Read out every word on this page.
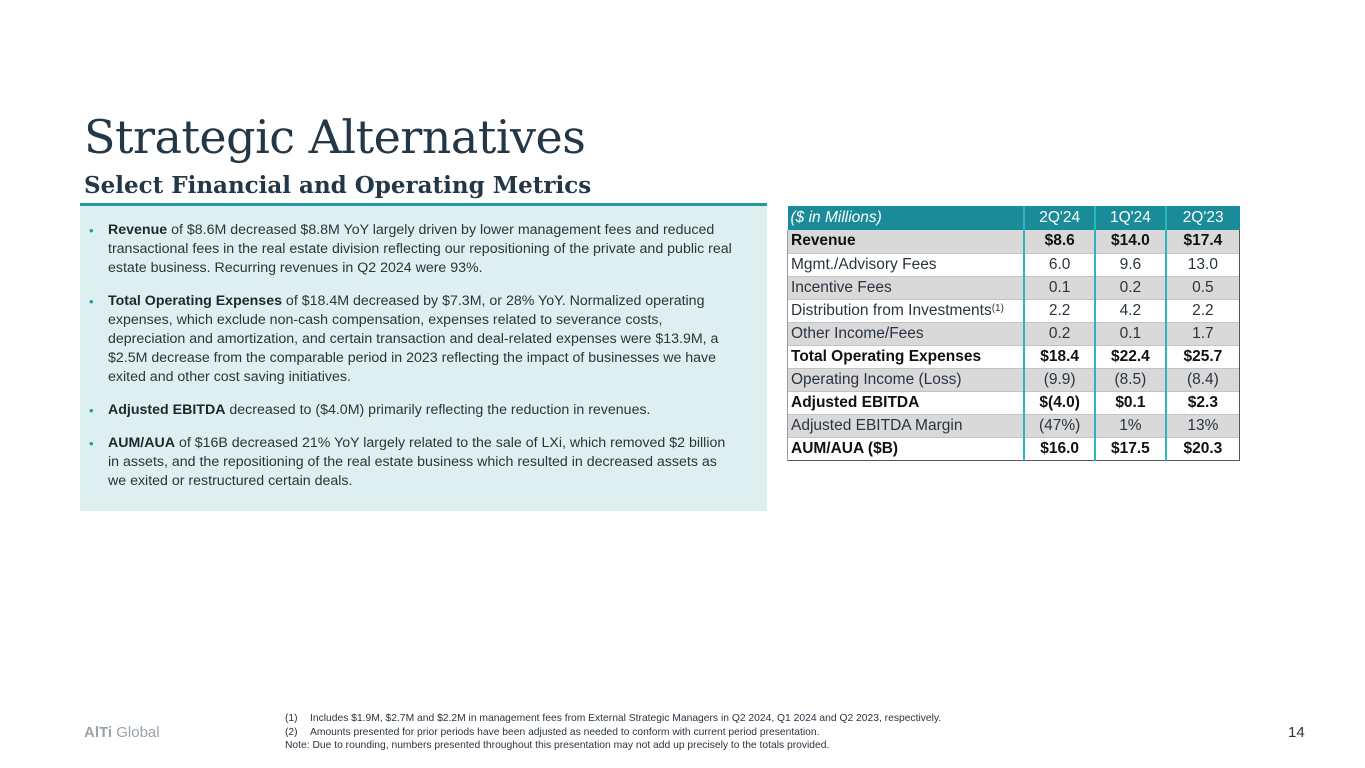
Strategic Alternatives
Select Financial and Operating Metrics
• Revenue of $8.6M decreased $8.8M YoY largely driven by lower management fees and reduced transactional fees in the real estate division reflecting our repositioning of the private and public real estate business. Recurring revenues in Q2 2024 were 93%.
• Total Operating Expenses of $18.4M decreased by $7.3M, or 28% YoY. Normalized operating expenses, which exclude non-cash compensation, expenses related to severance costs, depreciation and amortization, and certain transaction and deal-related expenses were $13.9M, a $2.5M decrease from the comparable period in 2023 reflecting the impact of businesses we have exited and other cost saving initiatives.
• Adjusted EBITDA decreased to ($4.0M) primarily reflecting the reduction in revenues.
• AUM/AUA of $16B decreased 21% YoY largely related to the sale of LXi, which removed $2 billion in assets, and the repositioning of the real estate business which resulted in decreased assets as we exited or restructured certain deals.
($ in Millions)	2Q'24	1Q'24	2Q'23
Revenue	$8.6	$14.0	$17.4
Mgmt./Advisory Fees	6.0	9.6	13.0
Incentive Fees	0.1	0.2	0.5
Distribution from Investments$^{(1)}$	2.2	4.2	2.2
Other Income/Fees	0.2	0.1	1.7
Total Operating Expenses	$18.4	$22.4	$25.7
Operating Income (Loss)	(9.9)	(8.5)	(8.4)
Adjusted EBITDA	$(4.0)	$0.1	$2.3
Adjusted EBITDA Margin	(47%)	1%	13%
AUM/AUA ($B)	$16.0	$17.5	$20.3
AlTi Global
(1)	Includes $1.9M, $2.7M and $2.2M in management fees from External Strategic Managers in Q2 2024, Q1 2024 and Q2 2023, respectively.
(2)	Amounts presented for prior periods have been adjusted as needed to conform with current period presentation.
Note: Due to rounding, numbers presented throughout this presentation may not add up precisely to the totals provided.
14
